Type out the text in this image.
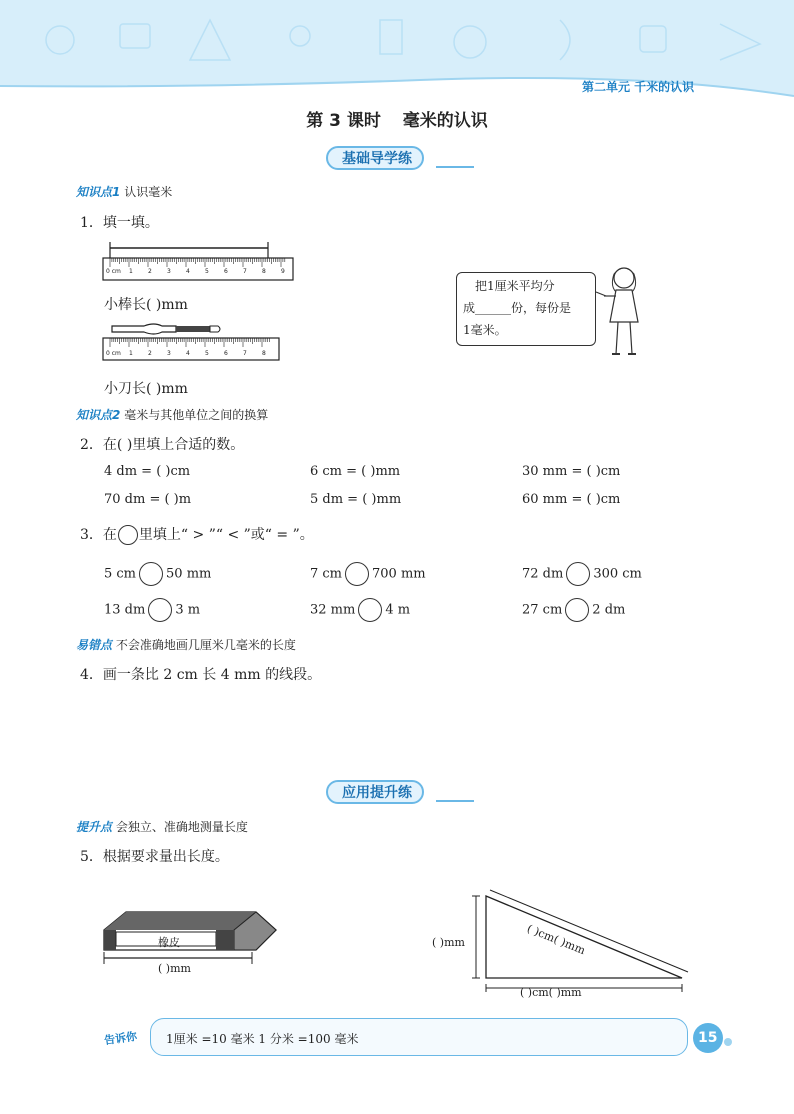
第二单元 千米的认识
第 3 课时 毫米的认识
基础导学练
知识点1 认识毫米
1．填一填。
0 cm 1	2	3	4	5	6	7	8	9
小棒长( )mm
0 cm 1	2	3	4	5	6	7	8
小刀长( )mm
把1厘米平均分
成______份，每份是
1毫米。
知识点2 毫米与其他单位之间的换算
2．在( )里填上合适的数。
4 dm = ( )cm	6 cm = ( )mm	30 mm = ( )cm
70 dm = ( )m	5 dm = ( )mm	60 mm = ( )cm
3．在 里填上“ > ”“ < ”或“ = ”。
5 cm 50 mm	7 cm 700 mm	72 dm 300 cm
13 dm 3 m	32 mm 4 m	27 cm 2 dm
易错点 不会准确地画几厘米几毫米的长度
4．画一条比 2 cm 长 4 mm 的线段。
应用提升练
提升点 会独立、准确地测量长度
5．根据要求量出长度。
橡皮
( )mm
( )mm	( )cm( )mm
( )cm( )mm
告诉你 1厘米 =10 毫米 1 分米 =100 毫米	15
